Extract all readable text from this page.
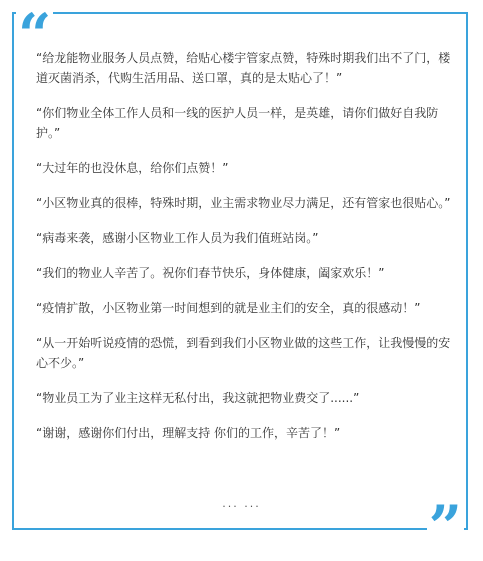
“

“给龙能物业服务人员点赞，给贴心楼宇管家点赞，特殊时期我们出不了门，楼道灭菌消杀，代购生活用品、送口罩，真的是太贴心了！”

“你们物业全体工作人员和一线的医护人员一样，是英雄，请你们做好自我防护。”

“大过年的也没休息，给你们点赞！”

“小区物业真的很棒，特殊时期，业主需求物业尽力满足，还有管家也很贴心。”

“病毒来袭，感谢小区物业工作人员为我们值班站岗。”

“我们的物业人辛苦了。祝你们春节快乐，身体健康，阖家欢乐！”

“疫情扩散，小区物业第一时间想到的就是业主们的安全，真的很感动！”

“从一开始听说疫情的恐慌，到看到我们小区物业做的这些工作，让我慢慢的安心不少。”

“物业员工为了业主这样无私付出，我这就把物业费交了......”

“谢谢，感谢你们付出，理解支持 你们的工作，辛苦了！”

”
... ...
